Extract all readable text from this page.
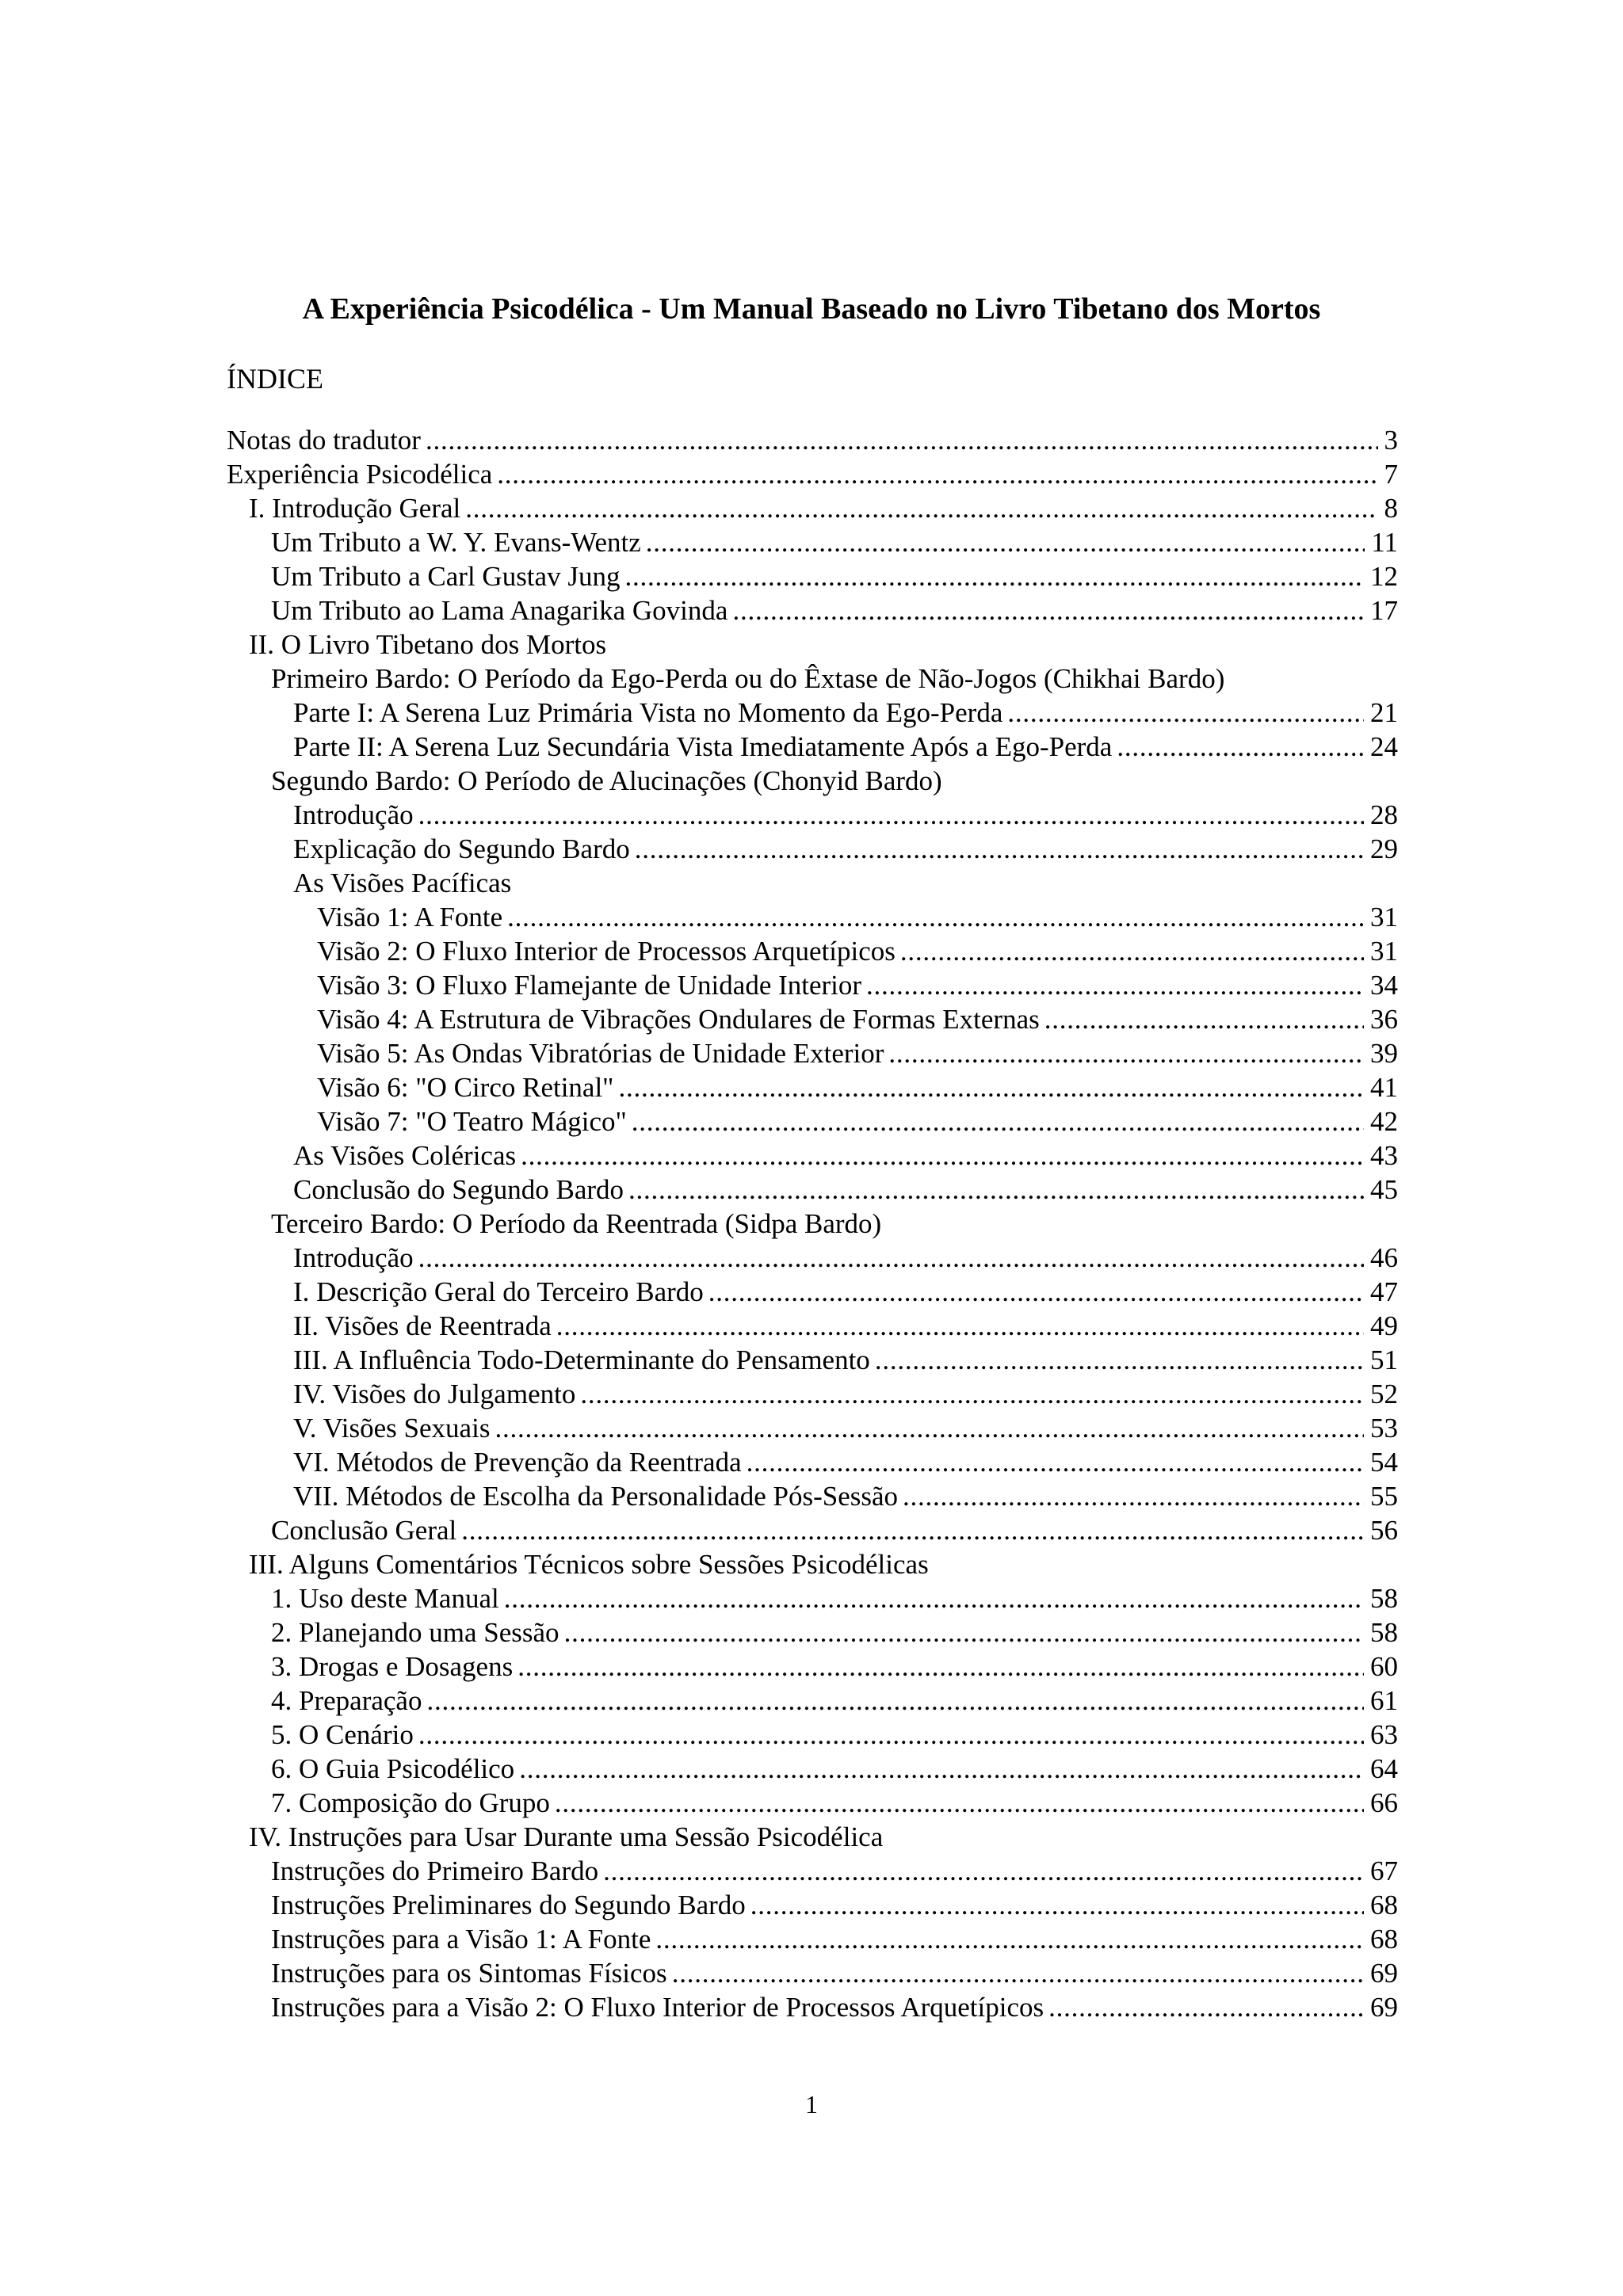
A Experiência Psicodélica - Um Manual Baseado no Livro Tibetano dos Mortos
ÍNDICE
Notas do tradutor . . .	3
Experiência Psicodélica . . .	7
I. Introdução Geral . . .	8
Um Tributo a W. Y. Evans-Wentz . . .	11
Um Tributo a Carl Gustav Jung . . .	12
Um Tributo ao Lama Anagarika Govinda . . .	17
II. O Livro Tibetano dos Mortos
Primeiro Bardo: O Período da Ego-Perda ou do Êxtase de Não-Jogos (Chikhai Bardo)
Parte I: A Serena Luz Primária Vista no Momento da Ego-Perda . . .	21
Parte II: A Serena Luz Secundária Vista Imediatamente Após a Ego-Perda . . .	24
Segundo Bardo: O Período de Alucinações (Chonyid Bardo)
Introdução . . .	28
Explicação do Segundo Bardo . . .	29
As Visões Pacíficas
Visão 1: A Fonte . . .	31
Visão 2: O Fluxo Interior de Processos Arquetípicos . . .	31
Visão 3: O Fluxo Flamejante de Unidade Interior . . .	34
Visão 4: A Estrutura de Vibrações Ondulares de Formas Externas . . .	36
Visão 5: As Ondas Vibratórias de Unidade Exterior . . .	39
Visão 6: "O Circo Retinal" . . .	41
Visão 7: "O Teatro Mágico" . . .	42
As Visões Coléricas . . .	43
Conclusão do Segundo Bardo . . .	45
Terceiro Bardo: O Período da Reentrada (Sidpa Bardo)
Introdução . . .	46
I. Descrição Geral do Terceiro Bardo . . .	47
II. Visões de Reentrada . . .	49
III. A Influência Todo-Determinante do Pensamento . . .	51
IV. Visões do Julgamento . . .	52
V. Visões Sexuais . . .	53
VI. Métodos de Prevenção da Reentrada . . .	54
VII. Métodos de Escolha da Personalidade Pós-Sessão . . .	55
Conclusão Geral . . .	56
III. Alguns Comentários Técnicos sobre Sessões Psicodélicas
1. Uso deste Manual . . .	58
2. Planejando uma Sessão . . .	58
3. Drogas e Dosagens . . .	60
4. Preparação . . .	61
5. O Cenário . . .	63
6. O Guia Psicodélico . . .	64
7. Composição do Grupo . . .	66
IV. Instruções para Usar Durante uma Sessão Psicodélica
Instruções do Primeiro Bardo . . .	67
Instruções Preliminares do Segundo Bardo . . .	68
Instruções para a Visão 1: A Fonte . . .	68
Instruções para os Sintomas Físicos . . .	69
Instruções para a Visão 2: O Fluxo Interior de Processos Arquetípicos . . .	69
1
